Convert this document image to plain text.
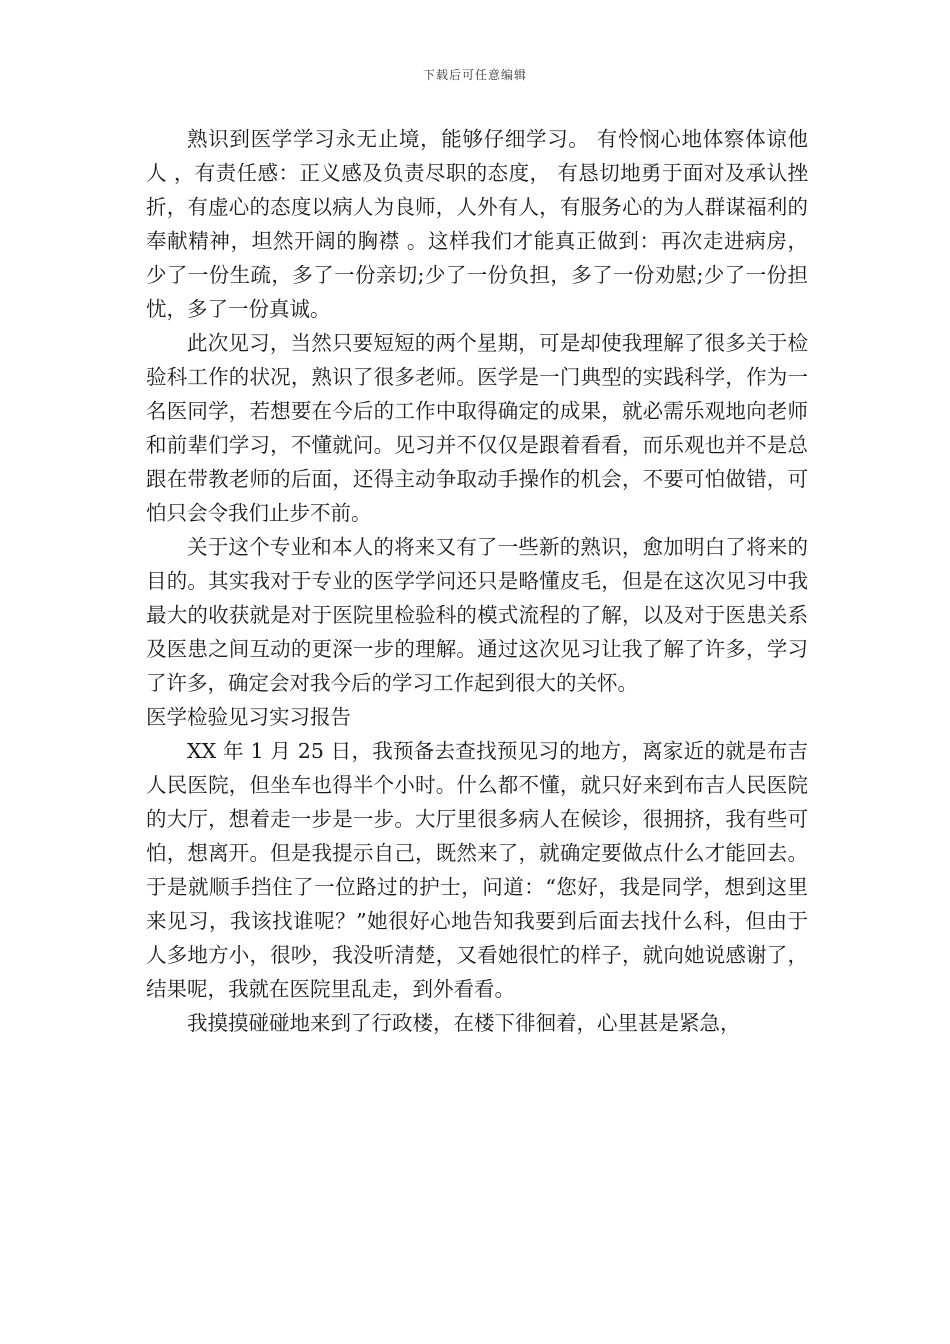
下载后可任意编辑

熟识到医学学习永无止境，能够仔细学习。 有怜悯心地体察体谅他人 ，有责任感：正义感及负责尽职的态度， 有恳切地勇于面对及承认挫折，有虚心的态度以病人为良师，人外有人，有服务心的为人群谋福利的奉献精神，坦然开阔的胸襟 。这样我们才能真正做到：再次走进病房，少了一份生疏，多了一份亲切;少了一份负担，多了一份劝慰;少了一份担忧，多了一份真诚。

此次见习，当然只要短短的两个星期，可是却使我理解了很多关于检验科工作的状况，熟识了很多老师。医学是一门典型的实践科学，作为一名医同学，若想要在今后的工作中取得确定的成果，就必需乐观地向老师和前辈们学习，不懂就问。见习并不仅仅是跟着看看，而乐观也并不是总跟在带教老师的后面，还得主动争取动手操作的机会，不要可怕做错，可怕只会令我们止步不前。

关于这个专业和本人的将来又有了一些新的熟识，愈加明白了将来的目的。其实我对于专业的医学学问还只是略懂皮毛，但是在这次见习中我最大的收获就是对于医院里检验科的模式流程的了解，以及对于医患关系及医患之间互动的更深一步的理解。通过这次见习让我了解了许多，学习了许多，确定会对我今后的学习工作起到很大的关怀。

医学检验见习实习报告

XX 年 1 月 25 日，我预备去查找预见习的地方，离家近的就是布吉人民医院，但坐车也得半个小时。什么都不懂，就只好来到布吉人民医院的大厅，想着走一步是一步。大厅里很多病人在候诊，很拥挤，我有些可怕，想离开。但是我提示自己，既然来了，就确定要做点什么才能回去。于是就顺手挡住了一位路过的护士，问道：“您好，我是同学，想到这里来见习，我该找谁呢？”她很好心地告知我要到后面去找什么科，但由于人多地方小，很吵，我没听清楚，又看她很忙的样子，就向她说感谢了，结果呢，我就在医院里乱走，到外看看。

我摸摸碰碰地来到了行政楼，在楼下徘徊着，心里甚是紧急，
